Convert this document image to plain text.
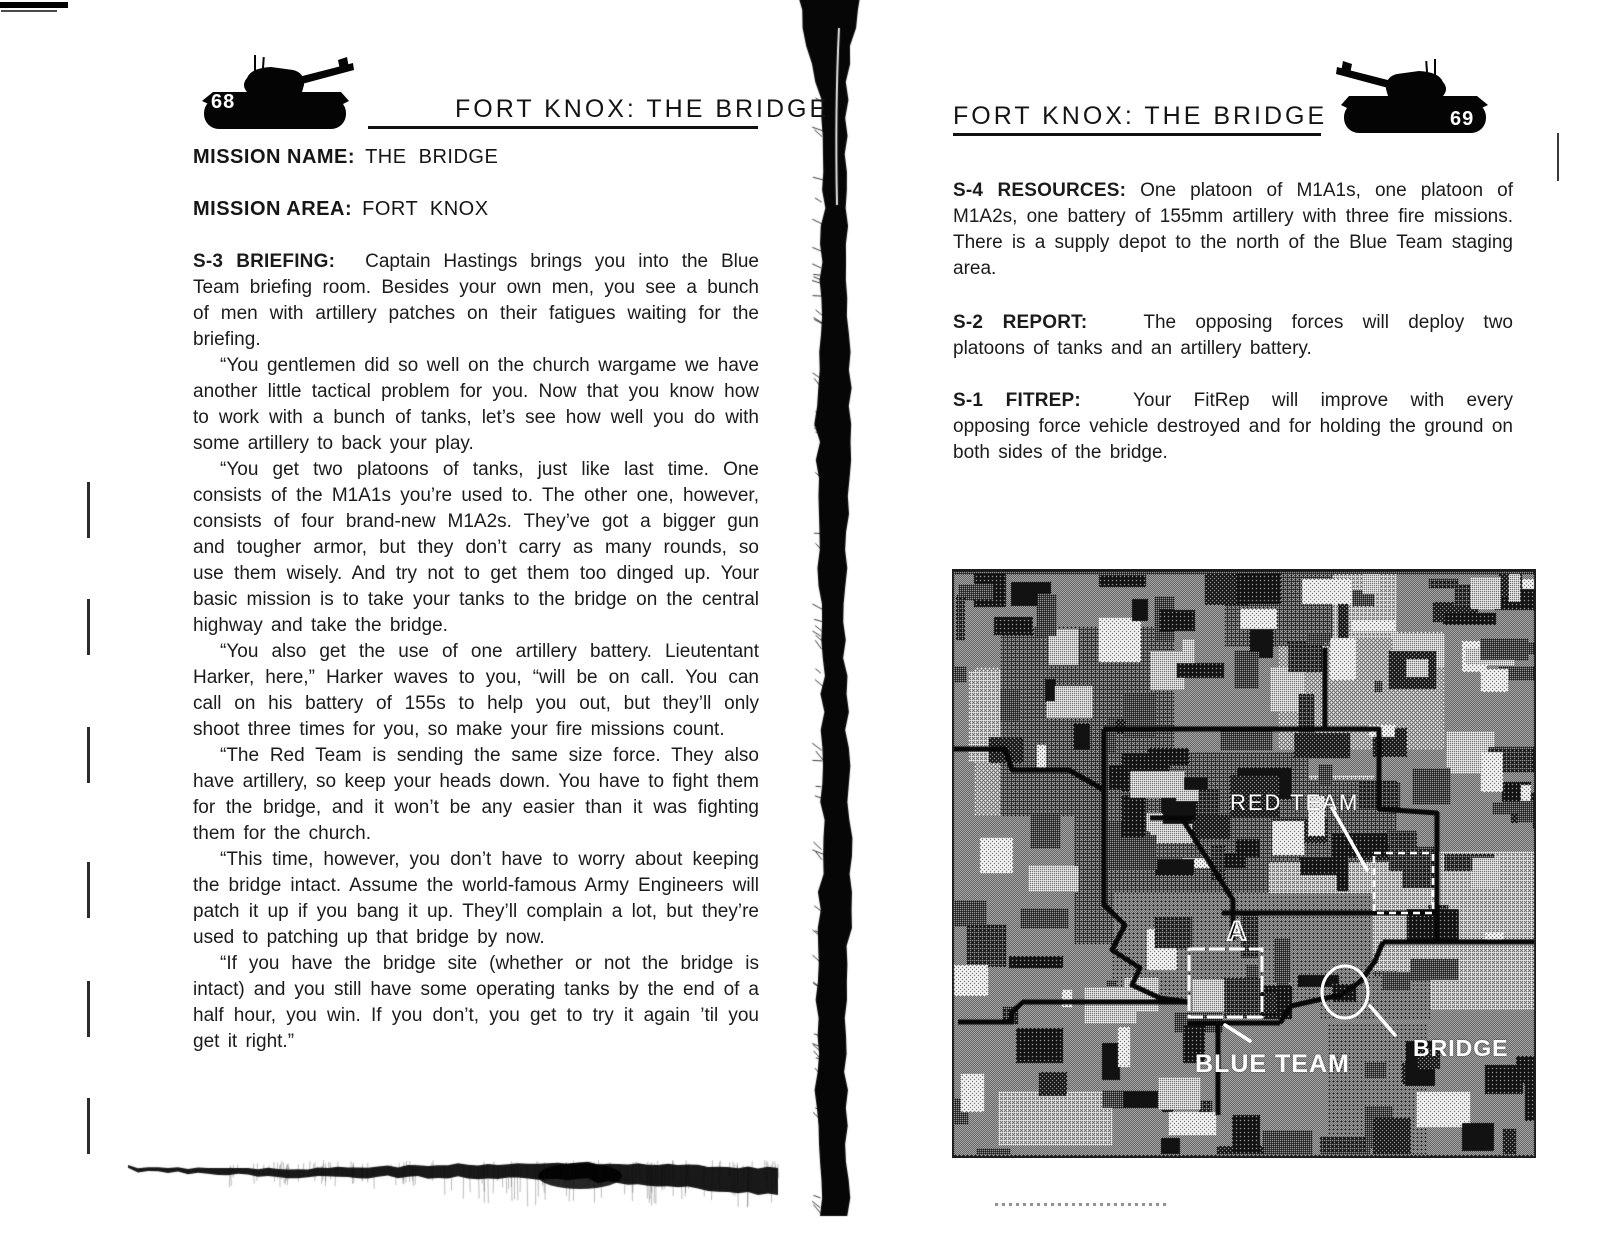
68	FORT KNOX: THE BRIDGE
MISSION NAME: THE BRIDGE
MISSION AREA: FORT KNOX

S-3 BRIEFING: Captain Hastings brings you into the Blue Team briefing room. Besides your own men, you see a bunch of men with artillery patches on their fatigues waiting for the briefing.

“You gentlemen did so well on the church wargame we have another little tactical problem for you. Now that you know how to work with a bunch of tanks, let’s see how well you do with some artillery to back your play.

“You get two platoons of tanks, just like last time. One consists of the M1A1s you’re used to. The other one, however, consists of four brand-new M1A2s. They’ve got a bigger gun and tougher armor, but they don’t carry as many rounds, so use them wisely. And try not to get them too dinged up. Your basic mission is to take your tanks to the bridge on the central highway and take the bridge.

“You also get the use of one artillery battery. Lieutentant Harker, here,” Harker waves to you, “will be on call. You can call on his battery of 155s to help you out, but they’ll only shoot three times for you, so make your fire missions count.

“The Red Team is sending the same size force. They also have artillery, so keep your heads down. You have to fight them for the bridge, and it won’t be any easier than it was fighting them for the church.

“This time, however, you don’t have to worry about keeping the bridge intact. Assume the world-famous Army Engineers will patch it up if you bang it up. They’ll complain a lot, but they’re used to patching up that bridge by now.

“If you have the bridge site (whether or not the bridge is intact) and you still have some operating tanks by the end of a half hour, you win. If you don’t, you get to try it again ’til you get it right.”

FORT KNOX: THE BRIDGE	69

S-4 RESOURCES: One platoon of M1A1s, one platoon of M1A2s, one battery of 155mm artillery with three fire missions. There is a supply depot to the north of the Blue Team staging area.

S-2 REPORT:	The opposing forces will deploy two platoons of tanks and an artillery battery.

S-1 FITREP:	Your FitRep will improve with every opposing force vehicle destroyed and for holding the ground on both sides of the bridge.

A
RED TEAM
BLUE TEAM
BRIDGE
